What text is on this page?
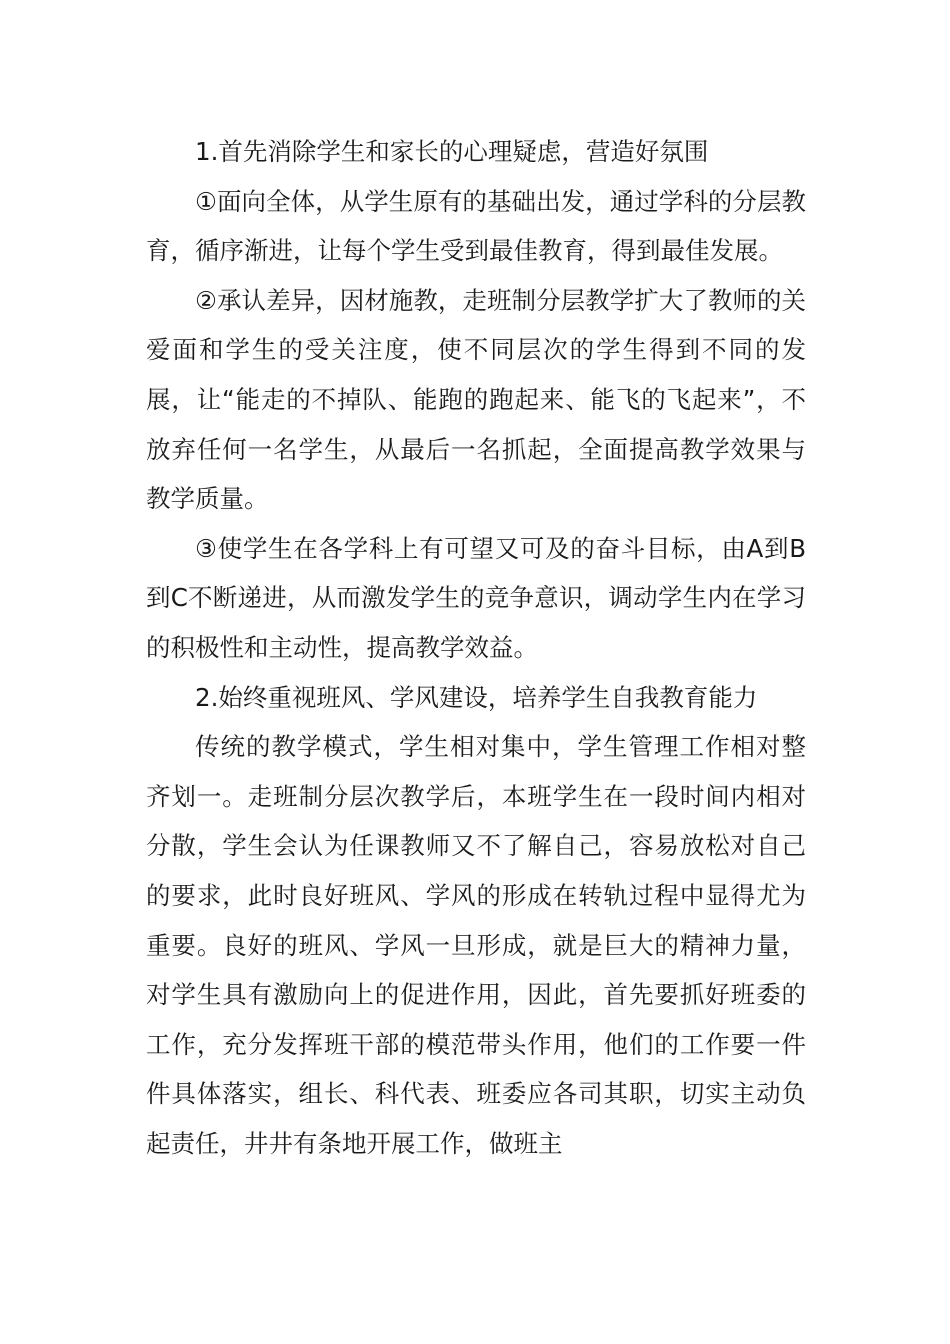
1.首先消除学生和家长的心理疑虑，营造好氛围

①面向全体，从学生原有的基础出发，通过学科的分层教育，循序渐进，让每个学生受到最佳教育，得到最佳发展。

②承认差异，因材施教，走班制分层教学扩大了教师的关爱面和学生的受关注度，使不同层次的学生得到不同的发展，让“能走的不掉队、能跑的跑起来、能飞的飞起来”，不放弃任何一名学生，从最后一名抓起，全面提高教学效果与教学质量。

③使学生在各学科上有可望又可及的奋斗目标，由A到B到C不断递进，从而激发学生的竞争意识，调动学生内在学习的积极性和主动性，提高教学效益。

2.始终重视班风、学风建设，培养学生自我教育能力

传统的教学模式，学生相对集中，学生管理工作相对整齐划一。走班制分层次教学后，本班学生在一段时间内相对分散，学生会认为任课教师又不了解自己，容易放松对自己的要求，此时良好班风、学风的形成在转轨过程中显得尤为重要。良好的班风、学风一旦形成，就是巨大的精神力量，对学生具有激励向上的促进作用，因此，首先要抓好班委的工作，充分发挥班干部的模范带头作用，他们的工作要一件件具体落实，组长、科代表、班委应各司其职，切实主动负起责任，井井有条地开展工作，做班主
